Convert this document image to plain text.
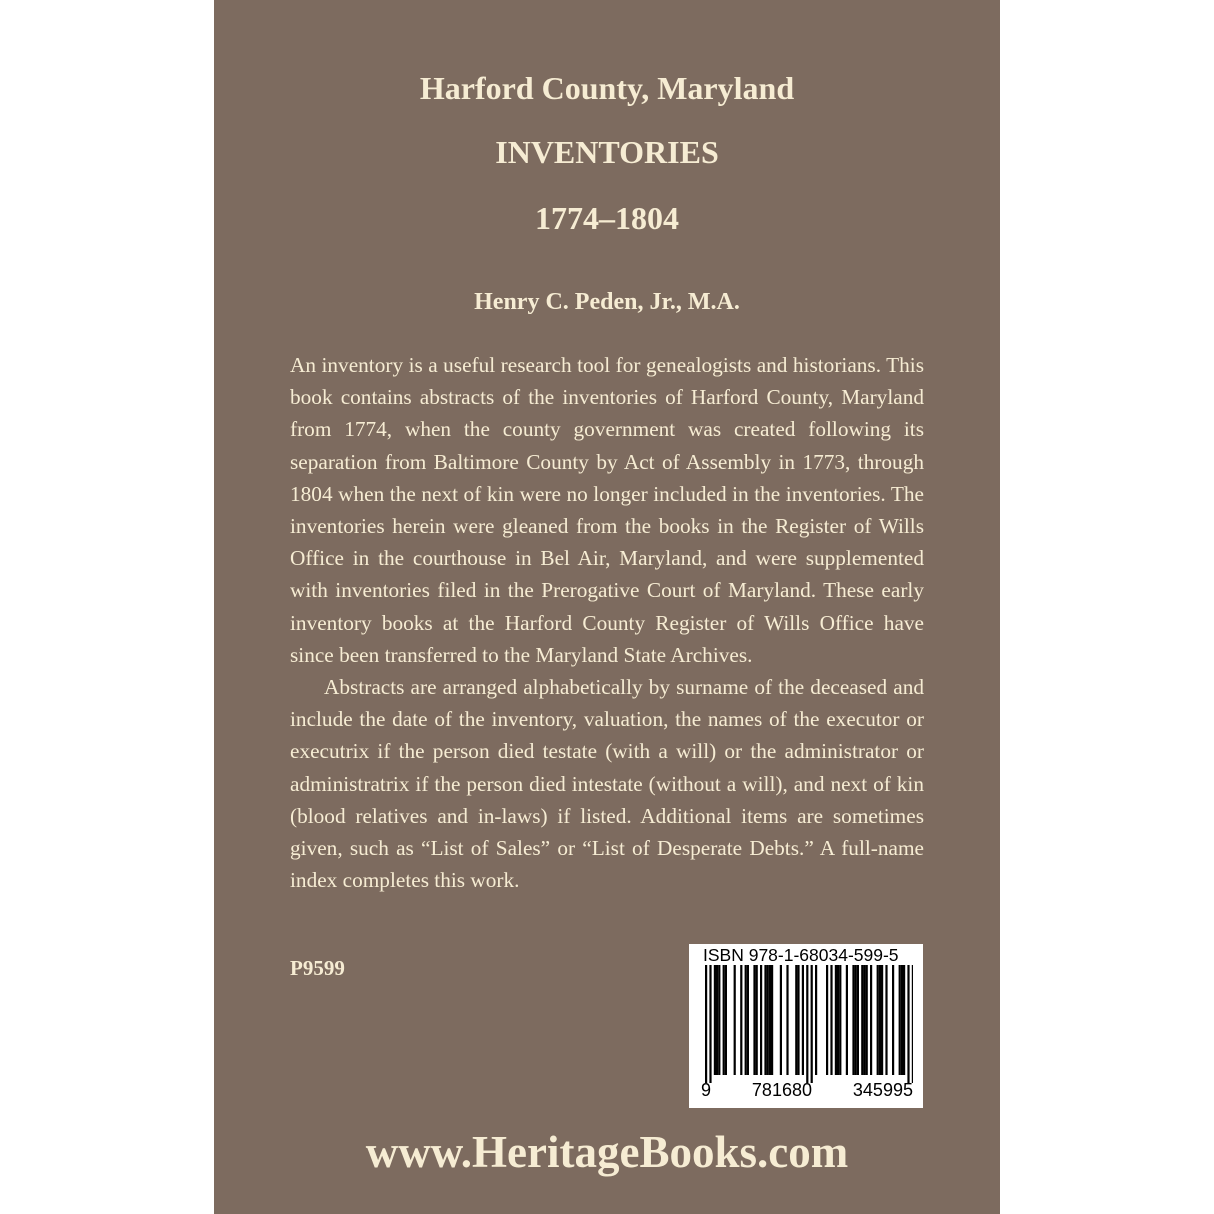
Harford County, Maryland
INVENTORIES
1774–1804
Henry C. Peden, Jr., M.A.

An inventory is a useful research tool for genealogists and historians. This book contains abstracts of the inventories of Harford County, Maryland from 1774, when the county government was created following its separation from Baltimore County by Act of Assembly in 1773, through 1804 when the next of kin were no longer included in the inventories. The inventories herein were gleaned from the books in the Register of Wills Office in the courthouse in Bel Air, Maryland, and were supplemented with inventories filed in the Prerogative Court of Maryland. These early inventory books at the Harford County Register of Wills Office have since been transferred to the Maryland State Archives.

Abstracts are arranged alphabetically by surname of the deceased and include the date of the inventory, valuation, the names of the executor or executrix if the person died testate (with a will) or the administrator or administratrix if the person died intestate (without a will), and next of kin (blood relatives and in-laws) if listed. Additional items are sometimes given, such as “List of Sales” or “List of Desperate Debts.” A full-name index completes this work.

P9599
ISBN 978-1-68034-599-5
9 781680 345995
www.HeritageBooks.com
